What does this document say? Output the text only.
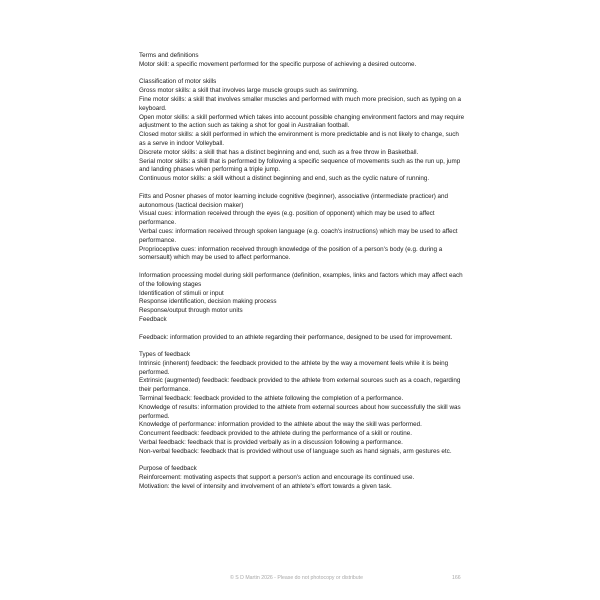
Terms and definitions
Motor skill: a specific movement performed for the specific purpose of achieving a desired outcome.
Classification of motor skills
Gross motor skills: a skill that involves large muscle groups such as swimming.
Fine motor skills: a skill that involves smaller muscles and performed with much more precision, such as typing on a keyboard.
Open motor skills: a skill performed which takes into account possible changing environment factors and may require adjustment to the action such as taking a shot for goal in Australian football.
Closed motor skills: a skill performed in which the environment is more predictable and is not likely to change, such as a serve in indoor Volleyball.
Discrete motor skills: a skill that has a distinct beginning and end, such as a free throw in Basketball.
Serial motor skills: a skill that is performed by following a specific sequence of movements such as the run up, jump and landing phases when performing a triple jump.
Continuous motor skills: a skill without a distinct beginning and end, such as the cyclic nature of running.
Fitts and Posner phases of motor learning include cognitive (beginner), associative (intermediate practicer) and autonomous (tactical decision maker)
Visual cues: information received through the eyes (e.g. position of opponent) which may be used to affect performance.
Verbal cues: information received through spoken language (e.g. coach's instructions) which may be used to affect performance.
Proprioceptive cues: information received through knowledge of the position of a person's body (e.g. during a somersault) which may be used to affect performance.
Information processing model during skill performance (definition, examples, links and factors which may affect each of the following stages
Identification of stimuli or input
Response identification, decision making process
Response/output through motor units
Feedback
Feedback: information provided to an athlete regarding their performance, designed to be used for improvement.
Types of feedback
Intrinsic (inherent) feedback: the feedback provided to the athlete by the way a movement feels while it is being performed.
Extrinsic (augmented) feedback: feedback provided to the athlete from external sources such as a coach, regarding their performance.
Terminal feedback: feedback provided to the athlete following the completion of a performance.
Knowledge of results: information provided to the athlete from external sources about how successfully the skill was performed.
Knowledge of performance: information provided to the athlete about the way the skill was performed.
Concurrent feedback: feedback provided to the athlete during the performance of a skill or routine.
Verbal feedback: feedback that is provided verbally as in a discussion following a performance.
Non-verbal feedback: feedback that is provided without use of language such as hand signals, arm gestures etc.
Purpose of feedback
Reinforcement: motivating aspects that support a person's action and encourage its continued use.
Motivation: the level of intensity and involvement of an athlete's effort towards a given task.
© S D Martin 2026 - Please do not photocopy or distribute	166
